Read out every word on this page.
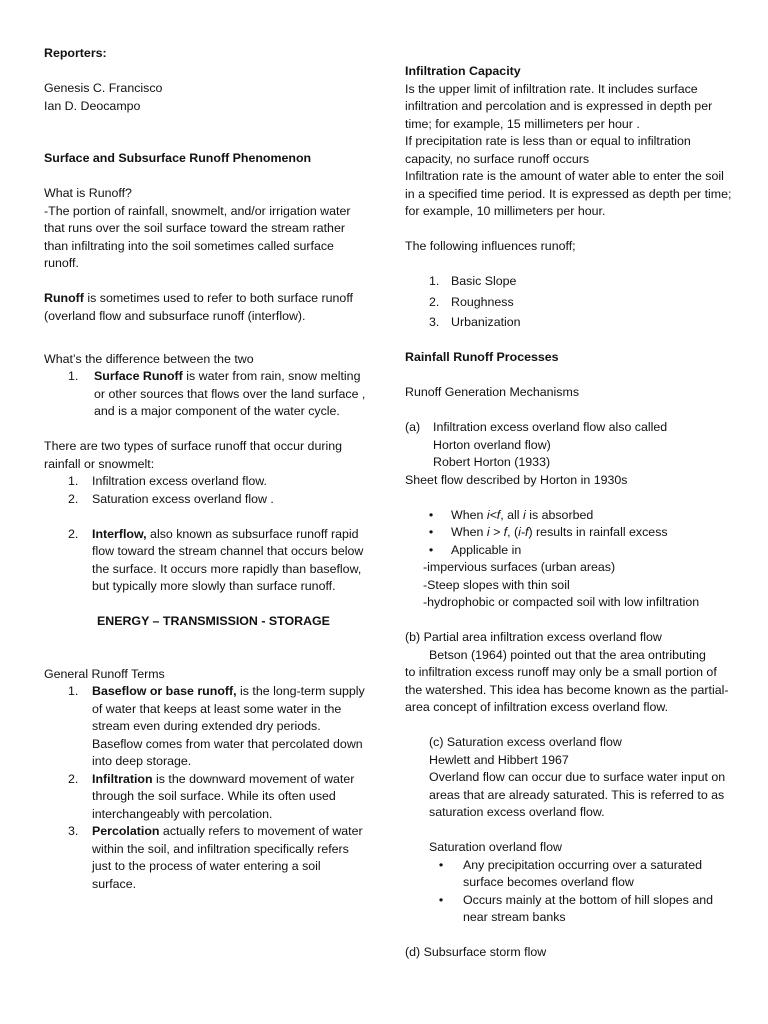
Reporters:

Genesis C. Francisco

Ian D. Deocampo

Surface and Subsurface Runoff Phenomenon

What is Runoff?

-The portion of rainfall, snowmelt, and/or irrigation water that runs over the soil surface toward the stream rather than infiltrating into the soil sometimes called surface runoff.

Runoff is sometimes used to refer to both surface runoff (overland flow and subsurface runoff (interflow).

What’s the difference between the two

1.	Surface Runoff is water from rain, snow melting or other sources that flows over the land surface , and is a major component of the water cycle.

There are two types of surface runoff that occur during rainfall or snowmelt:

1.	Infiltration excess overland flow.
2.	Saturation excess overland flow .
2.	Interflow, also known as subsurface runoff rapid flow toward the stream channel that occurs below the surface. It occurs more rapidly than baseflow, but typically more slowly than surface runoff.

ENERGY – TRANSMISSION - STORAGE

General Runoff Terms

1.	Baseflow or base runoff, is the long-term supply of water that keeps at least some water in the stream even during extended dry periods. Baseflow comes from water that percolated down into deep storage.
2.	Infiltration is the downward movement of water through the soil surface. While its often used interchangeably with percolation.
3.	Percolation actually refers to movement of water within the soil, and infiltration specifically refers just to the process of water entering a soil surface.

Infiltration Capacity

Is the upper limit of infiltration rate. It includes surface infiltration and percolation and is expressed in depth per time; for example, 15 millimeters per hour .

If precipitation rate is less than or equal to infiltration capacity, no surface runoff occurs

Infiltration rate is the amount of water able to enter the soil in a specified time period. It is expressed as depth per time; for example, 10 millimeters per hour.

The following influences runoff;

1. Basic Slope
2. Roughness
3. Urbanization

Rainfall Runoff Processes

Runoff Generation Mechanisms

(a)	Infiltration excess overland flow also called
Horton overland flow)
Robert Horton (1933)

Sheet flow described by Horton in 1930s

•	When i<f, all i is absorbed
•	When i > f, (i-f) results in rainfall excess
•	Applicable in

-impervious surfaces (urban areas)

-Steep slopes with thin soil

-hydrophobic or compacted soil with low infiltration

(b) Partial area infiltration excess overland flow

Betson (1964) pointed out that the area ontributing

to infiltration excess runoff may only be a small portion of the watershed. This idea has become known as the partial-area concept of infiltration excess overland flow.

(c) Saturation excess overland flow

Hewlett and Hibbert 1967

Overland flow can occur due to surface water input on areas that are already saturated. This is referred to as saturation excess overland flow.

Saturation overland flow

•	Any precipitation occurring over a saturated surface becomes overland flow
•	Occurs mainly at the bottom of hill slopes and near stream banks

(d) Subsurface storm flow
